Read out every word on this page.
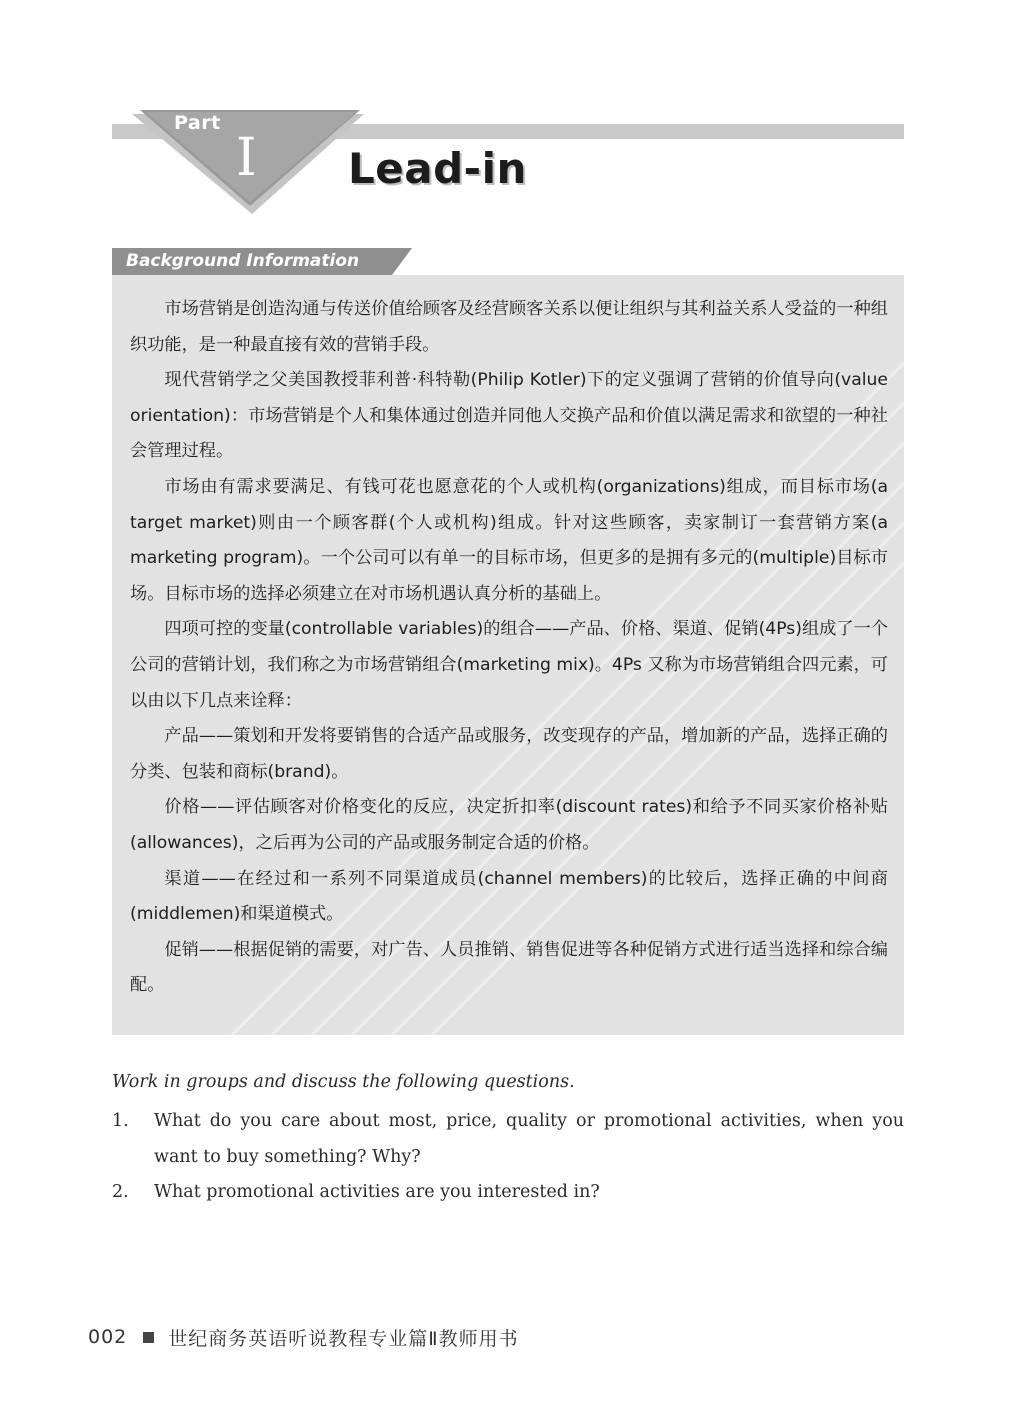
Part
I Lead-in
Background Information

市场营销是创造沟通与传送价值给顾客及经营顾客关系以便让组织与其利益关系人受益的一种组织功能，是一种最直接有效的营销手段。

现代营销学之父美国教授菲利普·科特勒(Philip Kotler)下的定义强调了营销的价值导向(value orientation)：市场营销是个人和集体通过创造并同他人交换产品和价值以满足需求和欲望的一种社会管理过程。

市场由有需求要满足、有钱可花也愿意花的个人或机构(organizations)组成，而目标市场(a target market)则由一个顾客群(个人或机构)组成。针对这些顾客，卖家制订一套营销方案(a marketing program)。一个公司可以有单一的目标市场，但更多的是拥有多元的(multiple)目标市场。目标市场的选择必须建立在对市场机遇认真分析的基础上。

四项可控的变量(controllable variables)的组合——产品、价格、渠道、促销(4Ps)组成了一个公司的营销计划，我们称之为市场营销组合(marketing mix)。4Ps 又称为市场营销组合四元素，可以由以下几点来诠释：

产品——策划和开发将要销售的合适产品或服务，改变现存的产品，增加新的产品，选择正确的分类、包装和商标(brand)。

价格——评估顾客对价格变化的反应，决定折扣率(discount rates)和给予不同买家价格补贴(allowances)，之后再为公司的产品或服务制定合适的价格。

渠道——在经过和一系列不同渠道成员(channel members)的比较后，选择正确的中间商(middlemen)和渠道模式。

促销——根据促销的需要，对广告、人员推销、销售促进等各种促销方式进行适当选择和综合编配。

Work in groups and discuss the following questions.
1. What do you care about most, price, quality or promotional activities, when you want to buy something? Why?
2. What promotional activities are you interested in?
002 世纪商务英语听说教程专业篇Ⅱ教师用书
